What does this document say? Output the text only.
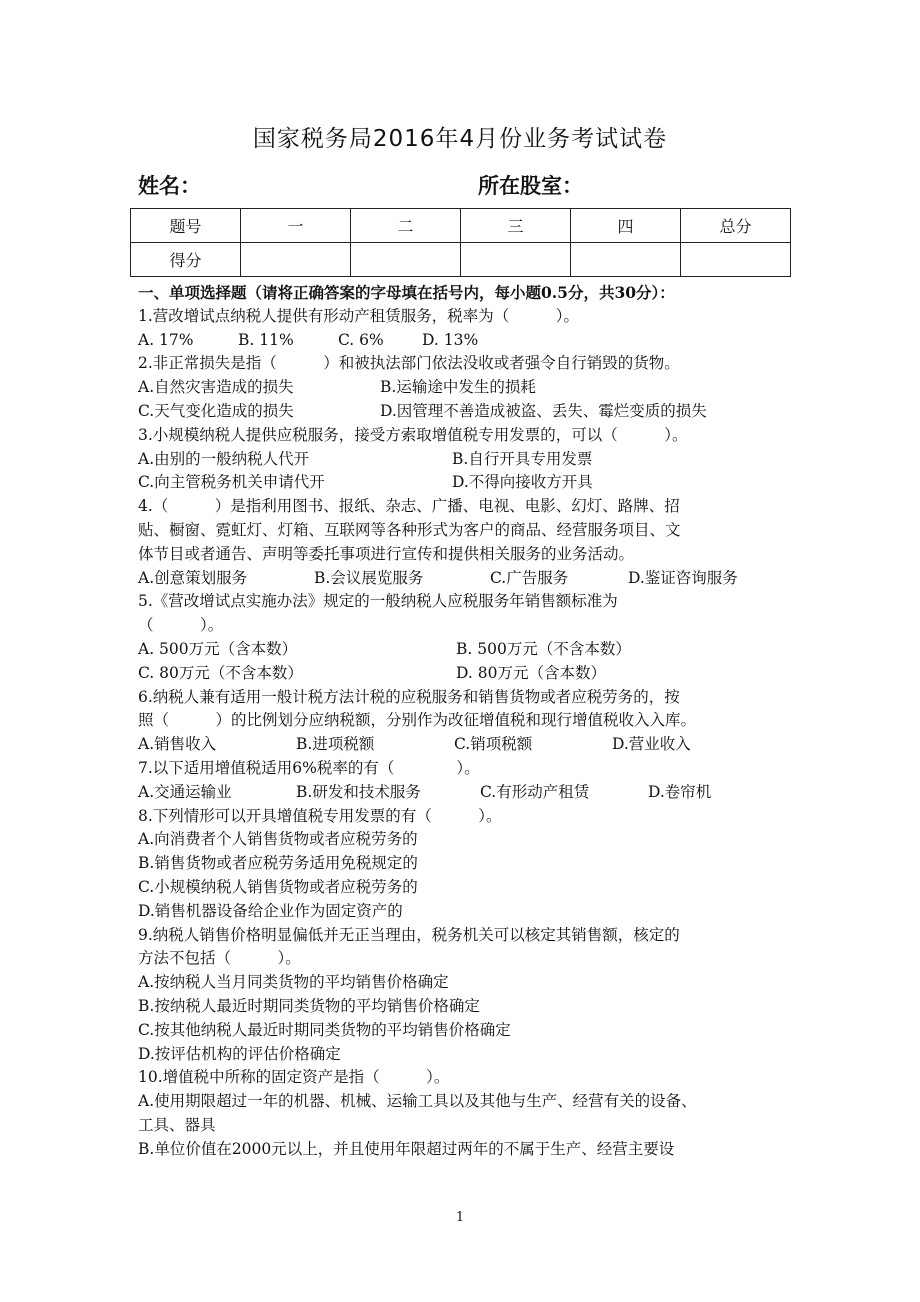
国家税务局2016年4月份业务考试试卷
姓名：	所在股室：
题号	一	二	三	四	总分
得分					
一、单项选择题（请将正确答案的字母填在括号内，每小题0.5分，共30分）：
1.营改增试点纳税人提供有形动产租赁服务，税率为（　　　）。
A. 17%	B. 11%	C. 6%	D. 13%
2.非正常损失是指（　　　）和被执法部门依法没收或者强令自行销毁的货物。
A.自然灾害造成的损失	B.运输途中发生的损耗
C.天气变化造成的损失	D.因管理不善造成被盗、丢失、霉烂变质的损失
3.小规模纳税人提供应税服务，接受方索取增值税专用发票的，可以（　　　）。
A.由别的一般纳税人代开	B.自行开具专用发票
C.向主管税务机关申请代开	D.不得向接收方开具
4.（　　　）是指利用图书、报纸、杂志、广播、电视、电影、幻灯、路牌、招
贴、橱窗、霓虹灯、灯箱、互联网等各种形式为客户的商品、经营服务项目、文
体节目或者通告、声明等委托事项进行宣传和提供相关服务的业务活动。
A.创意策划服务	B.会议展览服务	C.广告服务	D.鉴证咨询服务
5.《营改增试点实施办法》规定的一般纳税人应税服务年销售额标准为
（　　　）。
A. 500万元（含本数）	B. 500万元（不含本数）
C. 80万元（不含本数）	D. 80万元（含本数）
6.纳税人兼有适用一般计税方法计税的应税服务和销售货物或者应税劳务的，按
照（　　　）的比例划分应纳税额，分别作为改征增值税和现行增值税收入入库。
A.销售收入	B.进项税额	C.销项税额	D.营业收入
7.以下适用增值税适用6%税率的有（　　　　）。
A.交通运输业	B.研发和技术服务	C.有形动产租赁	D.卷帘机
8.下列情形可以开具增值税专用发票的有（　　　）。
A.向消费者个人销售货物或者应税劳务的
B.销售货物或者应税劳务适用免税规定的
C.小规模纳税人销售货物或者应税劳务的
D.销售机器设备给企业作为固定资产的
9.纳税人销售价格明显偏低并无正当理由，税务机关可以核定其销售额，核定的
方法不包括（　　　）。
A.按纳税人当月同类货物的平均销售价格确定
B.按纳税人最近时期同类货物的平均销售价格确定
C.按其他纳税人最近时期同类货物的平均销售价格确定
D.按评估机构的评估价格确定
10.增值税中所称的固定资产是指（　　　）。
A.使用期限超过一年的机器、机械、运输工具以及其他与生产、经营有关的设备、
工具、器具
B.单位价值在2000元以上，并且使用年限超过两年的不属于生产、经营主要设
1
